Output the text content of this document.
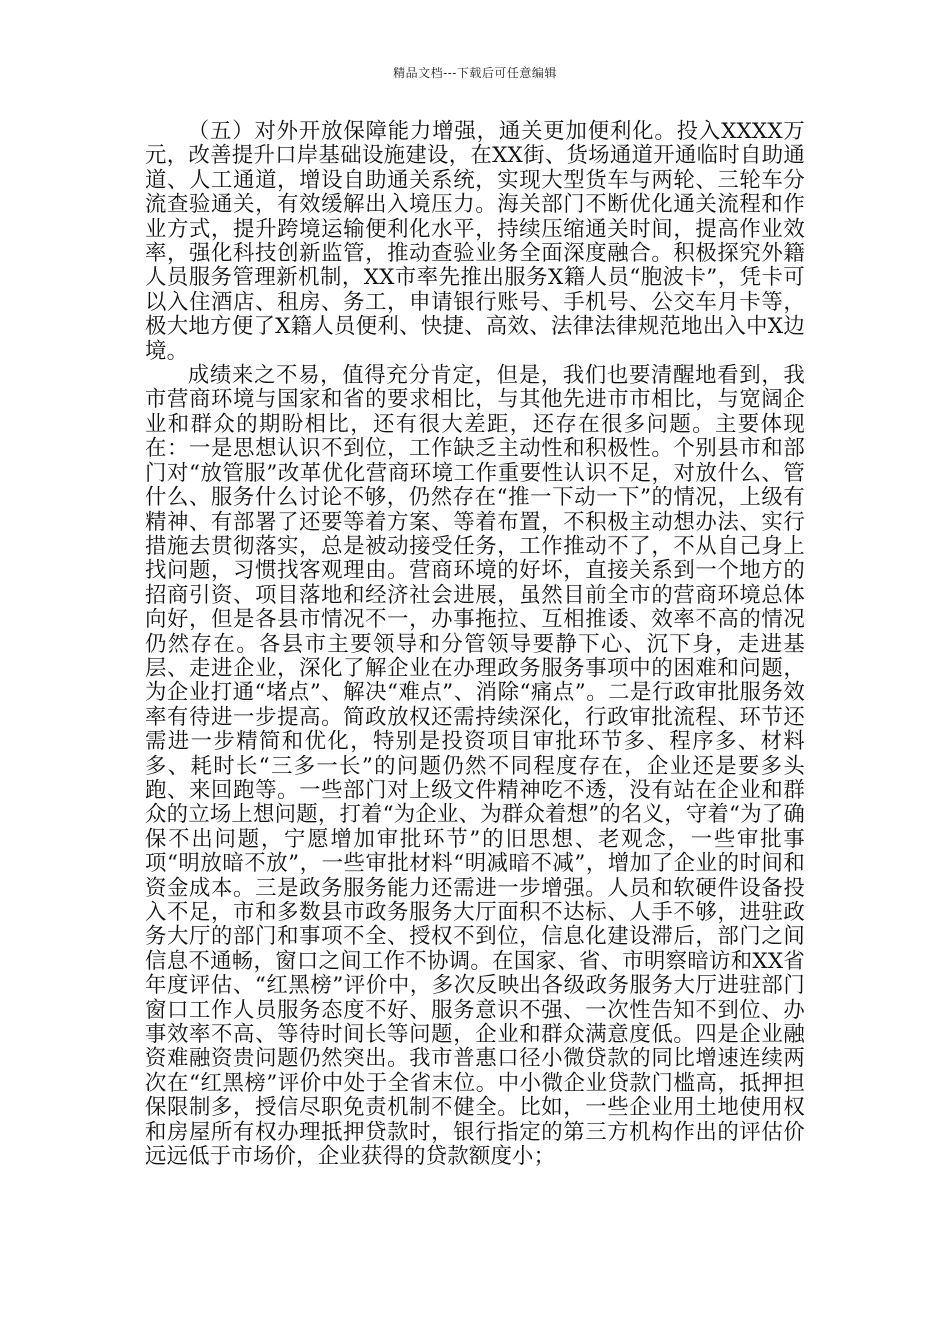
精品文档---下载后可任意编辑

（五）对外开放保障能力增强，通关更加便利化。投入XXXX万元，改善提升口岸基础设施建设，在XX街、货场通道开通临时自助通道、人工通道，增设自助通关系统，实现大型货车与两轮、三轮车分流查验通关，有效缓解出入境压力。海关部门不断优化通关流程和作业方式，提升跨境运输便利化水平，持续压缩通关时间，提高作业效率，强化科技创新监管，推动查验业务全面深度融合。积极探究外籍人员服务管理新机制，XX市率先推出服务X籍人员“胞波卡”，凭卡可以入住酒店、租房、务工，申请银行账号、手机号、公交车月卡等，极大地方便了X籍人员便利、快捷、高效、法律法律规范地出入中X边境。

成绩来之不易，值得充分肯定，但是，我们也要清醒地看到，我市营商环境与国家和省的要求相比，与其他先进市市相比，与宽阔企业和群众的期盼相比，还有很大差距，还存在很多问题。主要体现在：一是思想认识不到位，工作缺乏主动性和积极性。个别县市和部门对“放管服”改革优化营商环境工作重要性认识不足，对放什么、管什么、服务什么讨论不够，仍然存在“推一下动一下”的情况，上级有精神、有部署了还要等着方案、等着布置，不积极主动想办法、实行措施去贯彻落实，总是被动接受任务，工作推动不了，不从自己身上找问题，习惯找客观理由。营商环境的好坏，直接关系到一个地方的招商引资、项目落地和经济社会进展，虽然目前全市的营商环境总体向好，但是各县市情况不一，办事拖拉、互相推诿、效率不高的情况仍然存在。各县市主要领导和分管领导要静下心、沉下身，走进基层、走进企业，深化了解企业在办理政务服务事项中的困难和问题，为企业打通“堵点”、解决“难点”、消除“痛点”。二是行政审批服务效率有待进一步提高。简政放权还需持续深化，行政审批流程、环节还需进一步精简和优化，特别是投资项目审批环节多、程序多、材料多、耗时长“三多一长”的问题仍然不同程度存在，企业还是要多头跑、来回跑等。一些部门对上级文件精神吃不透，没有站在企业和群众的立场上想问题，打着“为企业、为群众着想”的名义，守着“为了确保不出问题，宁愿增加审批环节”的旧思想、老观念，一些审批事项“明放暗不放”，一些审批材料“明减暗不减”，增加了企业的时间和资金成本。三是政务服务能力还需进一步增强。人员和软硬件设备投入不足，市和多数县市政务服务大厅面积不达标、人手不够，进驻政务大厅的部门和事项不全、授权不到位，信息化建设滞后，部门之间信息不通畅，窗口之间工作不协调。在国家、省、市明察暗访和XX省年度评估、“红黑榜”评价中，多次反映出各级政务服务大厅进驻部门窗口工作人员服务态度不好、服务意识不强、一次性告知不到位、办事效率不高、等待时间长等问题，企业和群众满意度低。四是企业融资难融资贵问题仍然突出。我市普惠口径小微贷款的同比增速连续两次在“红黑榜”评价中处于全省末位。中小微企业贷款门槛高，抵押担保限制多，授信尽职免责机制不健全。比如，一些企业用土地使用权和房屋所有权办理抵押贷款时，银行指定的第三方机构作出的评估价远远低于市场价，企业获得的贷款额度小；
